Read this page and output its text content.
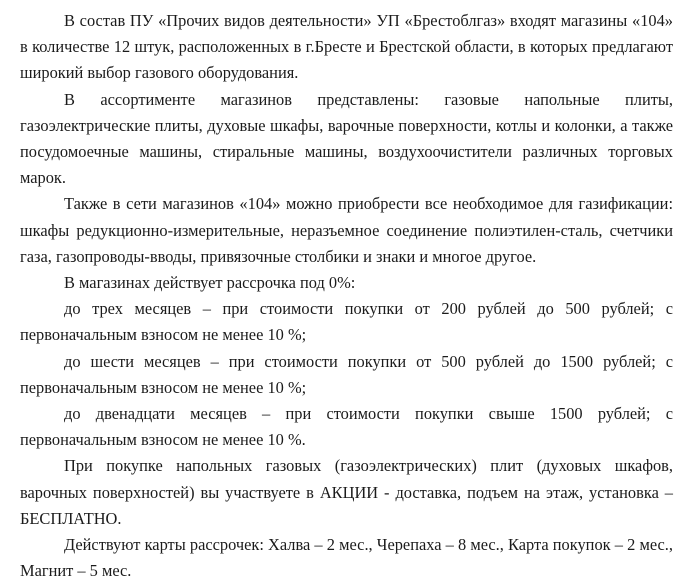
В состав ПУ «Прочих видов деятельности» УП «Брестоблгаз» входят магазины «104» в количестве 12 штук, расположенных в г.Бресте и Брестской области, в которых предлагают широкий выбор газового оборудования.

В ассортименте магазинов представлены: газовые напольные плиты, газоэлектрические плиты, духовые шкафы, варочные поверхности, котлы и колонки, а также посудомоечные машины, стиральные машины, воздухоочистители различных торговых марок.

Также в сети магазинов «104» можно приобрести все необходимое для газификации: шкафы редукционно-измерительные, неразъемное соединение полиэтилен-сталь, счетчики газа, газопроводы-вводы, привязочные столбики и знаки и многое другое.

В магазинах действует рассрочка под 0%:

до трех месяцев – при стоимости покупки от 200 рублей до 500 рублей; с первоначальным взносом не менее 10 %;

до шести месяцев – при стоимости покупки от 500 рублей до 1500 рублей; с первоначальным взносом не менее 10 %;

до двенадцати месяцев – при стоимости покупки свыше 1500 рублей; с первоначальным взносом не менее 10 %.

При покупке напольных газовых (газоэлектрических) плит (духовых шкафов, варочных поверхностей) вы участвуете в АКЦИИ - доставка, подъем на этаж, установка – БЕСПЛАТНО.

Действуют карты рассрочек: Халва – 2 мес., Черепаха – 8 мес., Карта покупок – 2 мес., Магнит – 5 мес.
